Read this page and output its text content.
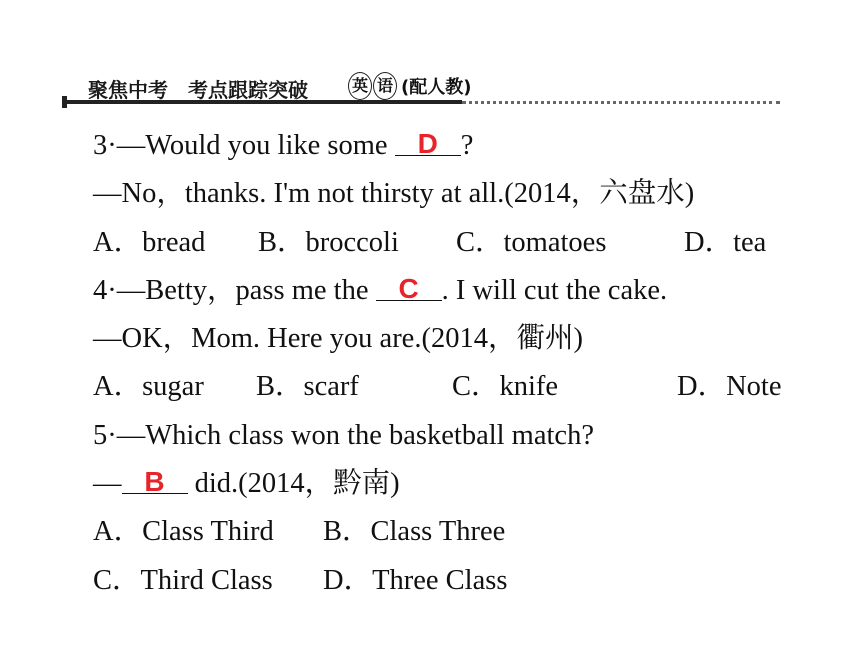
聚焦中考 考点跟踪突破	英 语 (配人教)
3·—Would you like some D ?
—No，thanks. I'm not thirsty at all.(2014，六盘水)
A．bread B．broccoli C．tomatoes	D．tea
4·—Betty，pass me the C . I will cut the cake.
—OK，Mom. Here you are.(2014，衢州)
A．sugar B．scarf	C．knife	D．Note
5·—Which class won the basketball match?
— B did.(2014，黔南)
A．Class Third B．Class Three
C．Third Class D．Three Class
